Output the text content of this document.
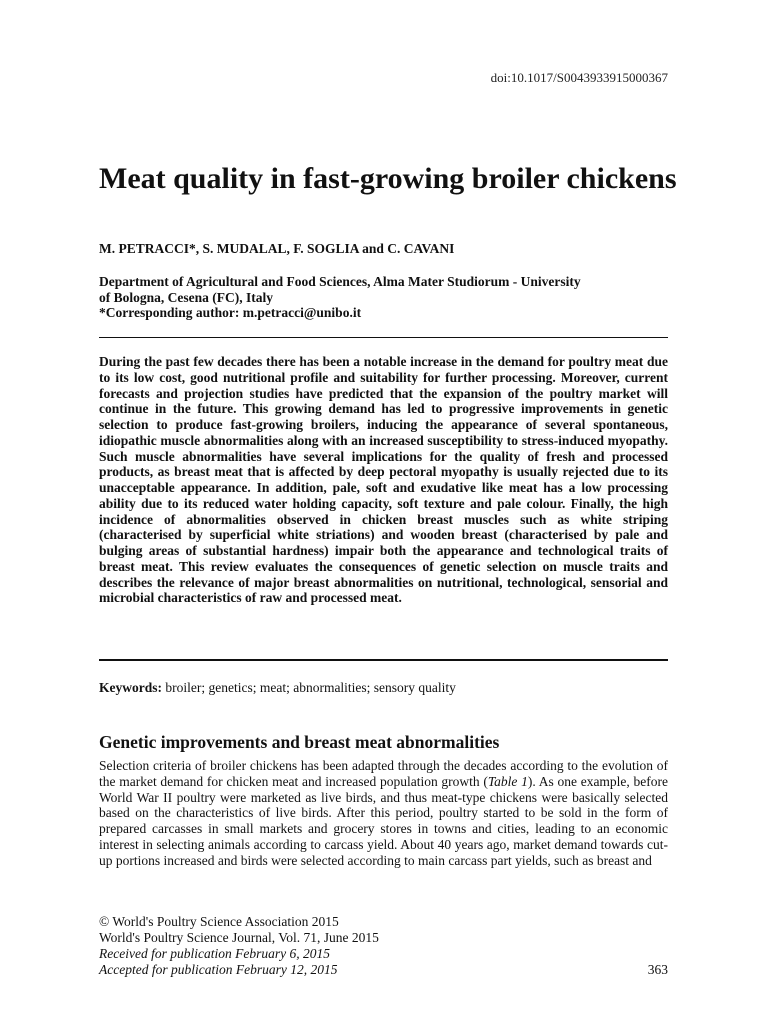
doi:10.1017/S0043933915000367
Meat quality in fast-growing broiler chickens
M. PETRACCI*, S. MUDALAL, F. SOGLIA and C. CAVANI
Department of Agricultural and Food Sciences, Alma Mater Studiorum - University
of Bologna, Cesena (FC), Italy
*Corresponding author: m.petracci@unibo.it

During the past few decades there has been a notable increase in the demand for poultry meat due to its low cost, good nutritional profile and suitability for further processing. Moreover, current forecasts and projection studies have predicted that the expansion of the poultry market will continue in the future. This growing demand has led to progressive improvements in genetic selection to produce fast-growing broilers, inducing the appearance of several spontaneous, idiopathic muscle abnormalities along with an increased susceptibility to stress-induced myopathy. Such muscle abnormalities have several implications for the quality of fresh and processed products, as breast meat that is affected by deep pectoral myopathy is usually rejected due to its unacceptable appearance. In addition, pale, soft and exudative like meat has a low processing ability due to its reduced water holding capacity, soft texture and pale colour. Finally, the high incidence of abnormalities observed in chicken breast muscles such as white striping (characterised by superficial white striations) and wooden breast (characterised by pale and bulging areas of substantial hardness) impair both the appearance and technological traits of breast meat. This review evaluates the consequences of genetic selection on muscle traits and describes the relevance of major breast abnormalities on nutritional, technological, sensorial and microbial characteristics of raw and processed meat.

Keywords: broiler; genetics; meat; abnormalities; sensory quality
Genetic improvements and breast meat abnormalities

Selection criteria of broiler chickens has been adapted through the decades according to the evolution of the market demand for chicken meat and increased population growth (Table 1). As one example, before World War II poultry were marketed as live birds, and thus meat-type chickens were basically selected based on the characteristics of live birds. After this period, poultry started to be sold in the form of prepared carcasses in small markets and grocery stores in towns and cities, leading to an economic interest in selecting animals according to carcass yield. About 40 years ago, market demand towards cut-up portions increased and birds were selected according to main carcass part yields, such as breast and

© World's Poultry Science Association 2015
World's Poultry Science Journal, Vol. 71, June 2015
Received for publication February 6, 2015
Accepted for publication February 12, 2015	363
